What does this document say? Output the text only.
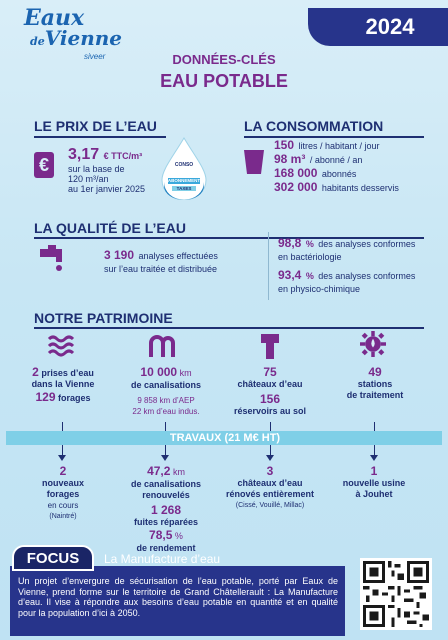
Eaux
deVienne
siveer
2024
DONNÉES-CLÉS
EAU POTABLE
LE PRIX DE L’EAU
€	3,17 € TTC/m³
sur la base de
120 m³/an
au 1er janvier 2025
CONSO
ABONNEMENT
TAXES
LA CONSOMMATION
150 litres / habitant / jour
98 m³ / abonné / an
168 000 abonnés
302 000 habitants desservis
LA QUALITÉ DE L’EAU
3 190 analyses effectuées
sur l’eau traitée et distribuée
98,8 % des analyses conformes
en bactériologie
93,4 % des analyses conformes
en physico-chimique
NOTRE PATRIMOINE
2 prises d’eau
dans la Vienne
129 forages
10 000 km
de canalisations
9 858 km d’AEP
22 km d’eau indus.
75
châteaux d’eau
156
réservoirs au sol
49
stations
de traitement
TRAVAUX (21 M€ HT)
2
nouveaux
forages
en cours
(Naintré)
47,2 km
de canalisations
renouvelés
1 268
fuites réparées
78,5 %
de rendement
3
châteaux d’eau
rénovés entièrement
(Cissé, Vouillé, Millac)
1
nouvelle usine
à Jouhet
FOCUS	La Manufacture d’eau
Un projet d’envergure de sécurisation de l’eau potable, porté par Eaux de Vienne, prend forme sur le territoire de Grand Châtellerault : La Manufacture d’eau. Il vise à répondre aux besoins d’eau potable en quantité et en qualité pour la population d’ici à 2050.
